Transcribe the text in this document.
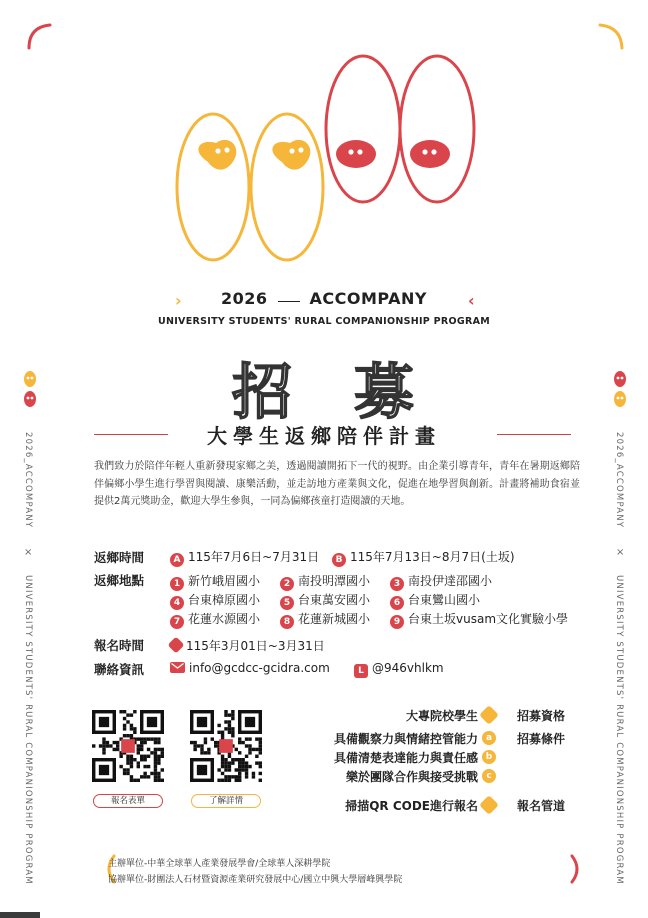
›	‹
2026	ACCOMPANY
UNIVERSITY STUDENTS' RURAL COMPANIONSHIP PROGRAM
2026_ACCOMPANY
×
UNIVERSITY STUDENTS' RURAL COMPANIONSHIP PROGRAM
2026_ACCOMPANY
×
UNIVERSITY STUDENTS' RURAL COMPANIONSHIP PROGRAM
招 募
大學生返鄉陪伴計畫
我們致力於陪伴年輕人重新發現家鄉之美，透過閱讀開拓下一代的視野。由企業引導青年，青年在暑期返鄉陪伴偏鄉小學生進行學習與閱讀、康樂活動，並走訪地方產業與文化，促進在地學習與創新。計畫將補助食宿並提供2萬元獎助金，歡迎大學生參與，一同為偏鄉孩童打造閱讀的天地。
返鄉時間	A 115年7月6日~7月31日	B 115年7月13日~8月7日(土坂)
返鄉地點	1 新竹峨眉國小	2 南投明潭國小	3 南投伊達邵國小
4 台東樟原國小	5 台東萬安國小	6 台東鸞山國小
7 花蓮水源國小	8 花蓮新城國小	9 台東土坂vusam文化實驗小學
報名時間	115年3月01日~3月31日
聯絡資訊	info@gcdcc-gcidra.com	L @946vhlkm
報名表單	了解詳情
大專院校學生	招募資格
具備觀察力與情緒控管能力 a	招募條件
具備清楚表達能力與責任感 b
樂於團隊合作與接受挑戰 c
掃描QR CODE進行報名	報名管道
主辦單位-中華全球華人產業發展學會/全球華人深耕學院
協辦單位-財團法人石材暨資源產業研究發展中心/國立中興大學層峰興學院
